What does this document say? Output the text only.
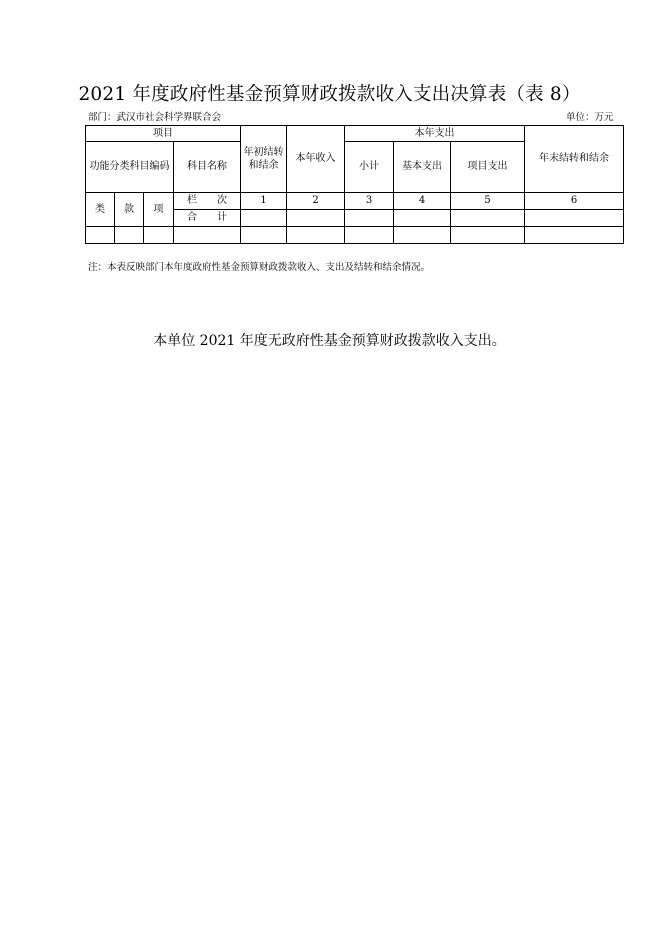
2021 年度政府性基金预算财政拨款收入支出决算表（表 8）
部门：武汉市社会科学界联合会	单位：万元
项目				年初结转和结余	本年收入	本年支出			年末结转和结余
功能分类科目编码			科目名称			小计	基本支出	项目支出	
类	款	项	栏　　次	1	2	3	4	5	6
			合　　计						

注：本表反映部门本年度政府性基金预算财政拨款收入、支出及结转和结余情况。
本单位 2021 年度无政府性基金预算财政拨款收入支出。
